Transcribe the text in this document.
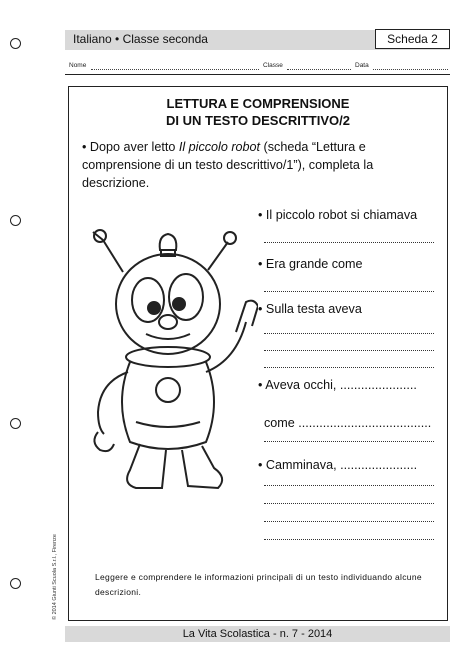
Italiano • Classe seconda	Scheda 2
Nome	Classe	Data
LETTURA E COMPRENSIONE
DI UN TESTO DESCRITTIVO/2
• Dopo aver letto Il piccolo robot (scheda “Lettura e comprensione di un testo descrittivo/1”), completa la descrizione.
• Il piccolo robot si chiamava
• Era grande come
• Sulla testa aveva
• Aveva occhi, ......................
come ......................................
• Camminava, ......................
Leggere e comprendere le informazioni principali di un testo individuando alcune descrizioni.
La Vita Scolastica - n. 7 - 2014
© 2014 Giunti Scuola S.r.l., Firenze
